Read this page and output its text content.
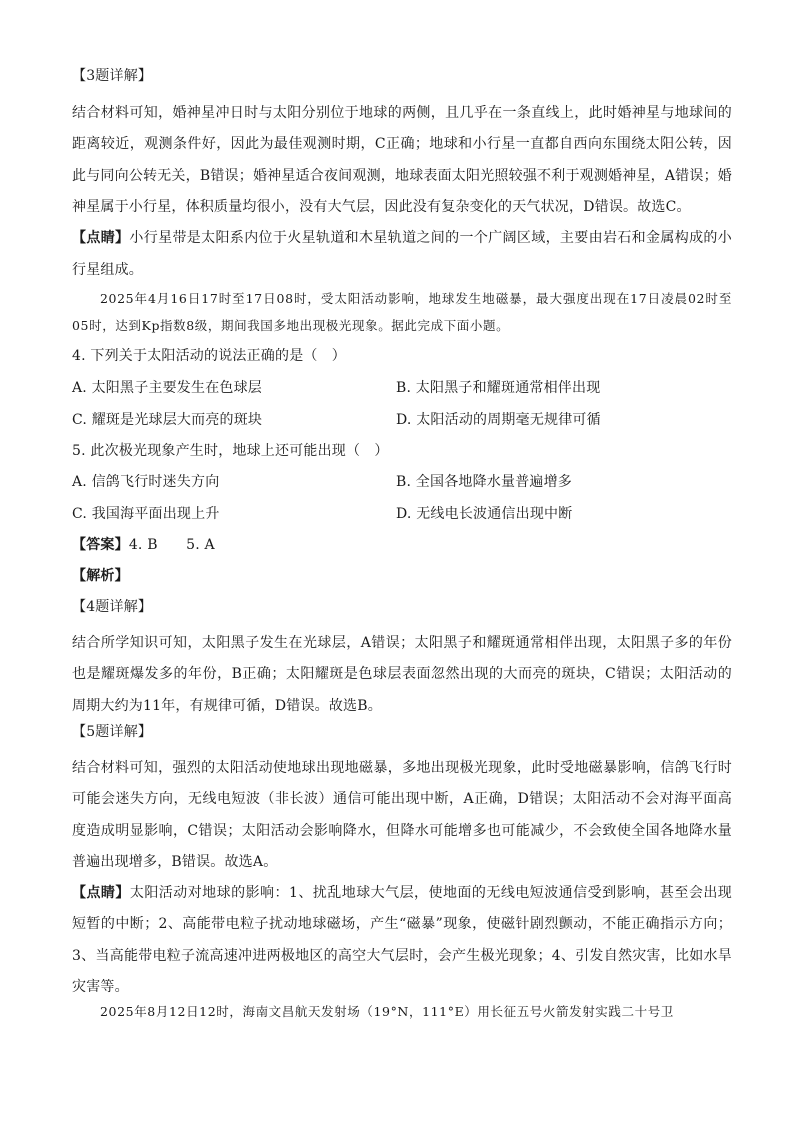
【3题详解】
结合材料可知，婚神星冲日时与太阳分别位于地球的两侧，且几乎在一条直线上，此时婚神星与地球间的距离较近，观测条件好，因此为最佳观测时期，C正确；地球和小行星一直都自西向东围绕太阳公转，因此与同向公转无关，B错误；婚神星适合夜间观测，地球表面太阳光照较强不利于观测婚神星，A错误；婚神星属于小行星，体积质量均很小，没有大气层，因此没有复杂变化的天气状况，D错误。故选C。
【点睛】小行星带是太阳系内位于火星轨道和木星轨道之间的一个广阔区域，主要由岩石和金属构成的小行星组成。
2025年4月16日17时至17日08时，受太阳活动影响，地球发生地磁暴，最大强度出现在17日凌晨02时至05时，达到Kp指数8级，期间我国多地出现极光现象。据此完成下面小题。
4. 下列关于太阳活动的说法正确的是（　）
A. 太阳黑子主要发生在色球层	B. 太阳黑子和耀斑通常相伴出现
C. 耀斑是光球层大而亮的斑块	D. 太阳活动的周期毫无规律可循
5. 此次极光现象产生时，地球上还可能出现（　）
A. 信鸽飞行时迷失方向	B. 全国各地降水量普遍增多
C. 我国海平面出现上升	D. 无线电长波通信出现中断
【答案】4. B　　5. A
【解析】
【4题详解】
结合所学知识可知，太阳黑子发生在光球层，A错误；太阳黑子和耀斑通常相伴出现，太阳黑子多的年份也是耀斑爆发多的年份，B正确；太阳耀斑是色球层表面忽然出现的大而亮的斑块，C错误；太阳活动的周期大约为11年，有规律可循，D错误。故选B。
【5题详解】
结合材料可知，强烈的太阳活动使地球出现地磁暴，多地出现极光现象，此时受地磁暴影响，信鸽飞行时可能会迷失方向，无线电短波（非长波）通信可能出现中断，A正确，D错误；太阳活动不会对海平面高度造成明显影响，C错误；太阳活动会影响降水，但降水可能增多也可能减少，不会致使全国各地降水量普遍出现增多，B错误。故选A。
【点睛】太阳活动对地球的影响：1、扰乱地球大气层，使地面的无线电短波通信受到影响，甚至会出现短暂的中断；2、高能带电粒子扰动地球磁场，产生“磁暴”现象，使磁针剧烈颤动，不能正确指示方向；3、当高能带电粒子流高速冲进两极地区的高空大气层时，会产生极光现象；4、引发自然灾害，比如水旱灾害等。
2025年8月12日12时，海南文昌航天发射场（19°N，111°E）用长征五号火箭发射实践二十号卫
